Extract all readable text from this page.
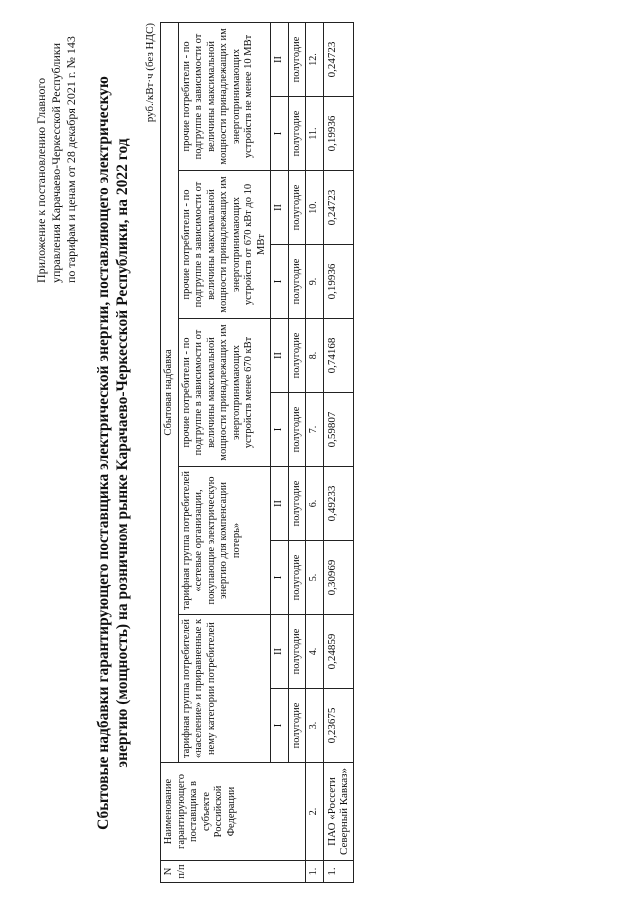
Приложение к постановлению Главного управления Карачаево-Черкесской Республики по тарифам и ценам от 28 декабря 2021 г. № 143 Сбытовые надбавки гарантирующего поставщика электрической энергии, поставляющего электрическую энергию (мощность) на розничном рынке Карачаево-Черкесской Республики, на 2022 год
руб./кВт·ч (без НДС)
N п/п	Наименование гарантирующего поставщика в субъекте Российской Федерации	Сбытовая надбавка									
		тарифная группа потребителей «население» и приравненные к нему категории потребителей		тарифная группа потребителей «сетевые организации, покупающие электрическую энергию для компенсации потерь»		прочие потребители - по подгруппе в зависимости от величины максимальной мощности принадлежащих им энергопринимающих устройств менее 670 кВт		прочие потребители - по подгруппе в зависимости от величины максимальной мощности принадлежащих им энергопринимающих устройств от 670 кВт до 10 МВт		прочие потребители - по подгруппе в зависимости от величины максимальной мощности принадлежащих им энергопринимающих устройств не менее 10 МВт	
		I	II	I	II	I	II	I	II	I	II
		полугодие	полугодие	полугодие	полугодие	полугодие	полугодие	полугодие	полугодие	полугодие	полугодие
1.	2.	3.	4.	5.	6.	7.	8.	9.	10.	11.	12.
1.	ПАО «Россети Северный Кавказ»	0,23675	0,24859	0,30969	0,49233	0,59807	0,74168	0,19936	0,24723	0,19936	0,24723
